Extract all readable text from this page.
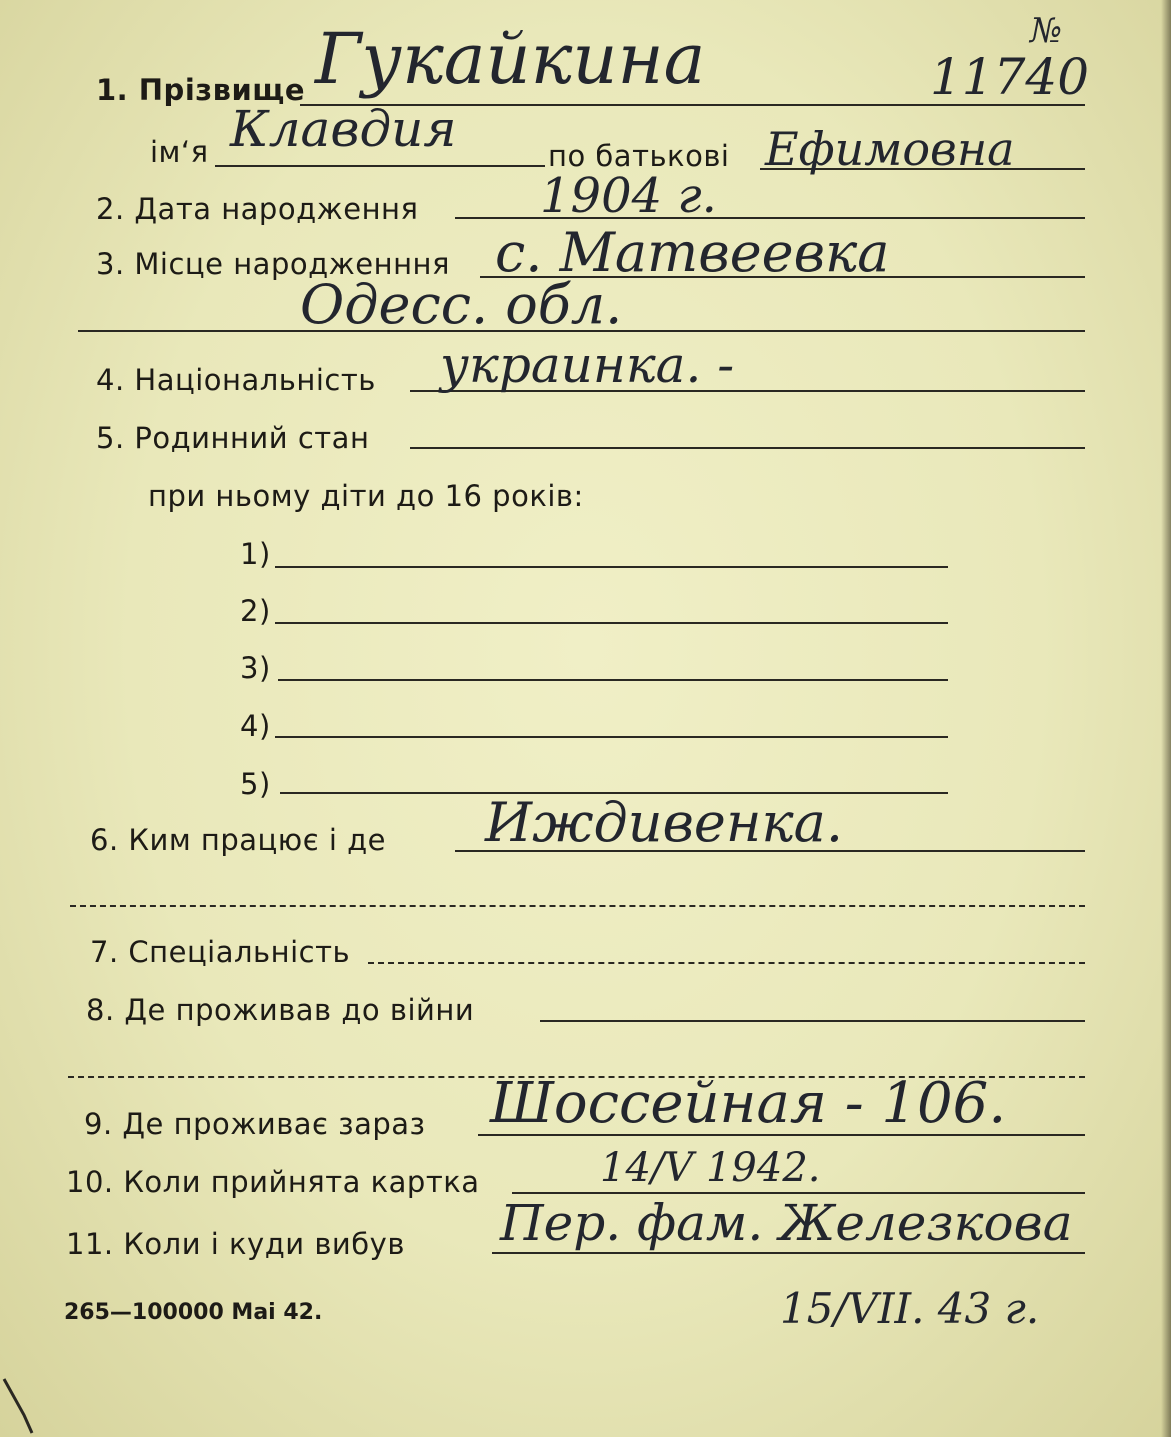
1. Прізвище Гукайкина	№
11740
ім‘я Клавдия	по батькові Ефимовна
2. Дата народження	1904 г.
3. Місце народженння с. Матвеевка
Одесс. обл.
4. Національність украинка. -
5. Родинний стан
при ньому діти до 16 років:
1)
2)
3)
4)
5)
6. Ким працює і де Иждивенка.
7. Спеціальність
8. Де проживав до війни
9. Де проживає зараз Шоссейная - 106.
10. Коли прийнята картка	14/V 1942.
11. Коли і куди вибув Пер. фам. Железкова
265—100000 Mai 42.	15/VII. 43 г.
